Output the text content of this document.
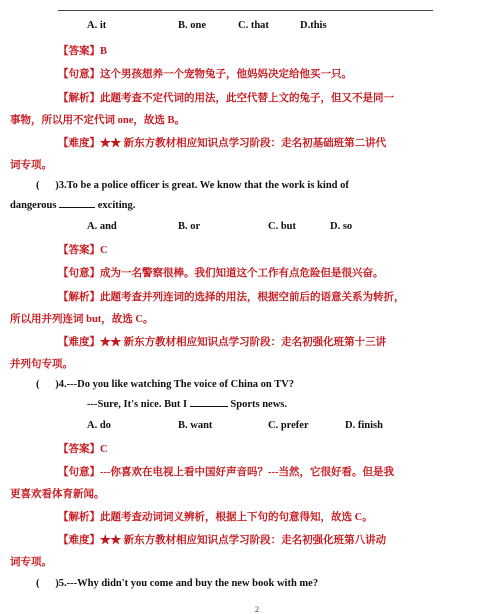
A. it	B. one	C. that	D.this
【答案】B
【句意】这个男孩想养一个宠物兔子，他妈妈决定给他买一只。
【解析】此题考查不定代词的用法，此空代替上文的兔子，但又不是同一
事物，所以用不定代词 one，故选 B。
【难度】★★ 新东方教材相应知识点学习阶段：走名初基础班第二讲代
词专项。
(      )3.To be a police officer is great. We know that the work is kind of
dangerous	exciting.
A. and	B. or	C. but	D. so
【答案】C
【句意】成为一名警察很棒。我们知道这个工作有点危险但是很兴奋。
【解析】此题考查并列连词的选择的用法，根据空前后的语意关系为转折，
所以用并列连词 but，故选 C。
【难度】★★ 新东方教材相应知识点学习阶段：走名初强化班第十三讲
并列句专项。
(      )4.---Do you like watching The voice of China on TV?
---Sure, It's nice. But I	Sports news.
A. do	B. want	C. prefer	D. finish
【答案】C
【句意】---你喜欢在电视上看中国好声音吗？---当然，它很好看。但是我
更喜欢看体育新闻。
【解析】此题考查动词词义辨析，根据上下句的句意得知，故选 C。
【难度】★★ 新东方教材相应知识点学习阶段：走名初强化班第八讲动
词专项。
(      )5.---Why didn't you come and buy the new book with me?
2
